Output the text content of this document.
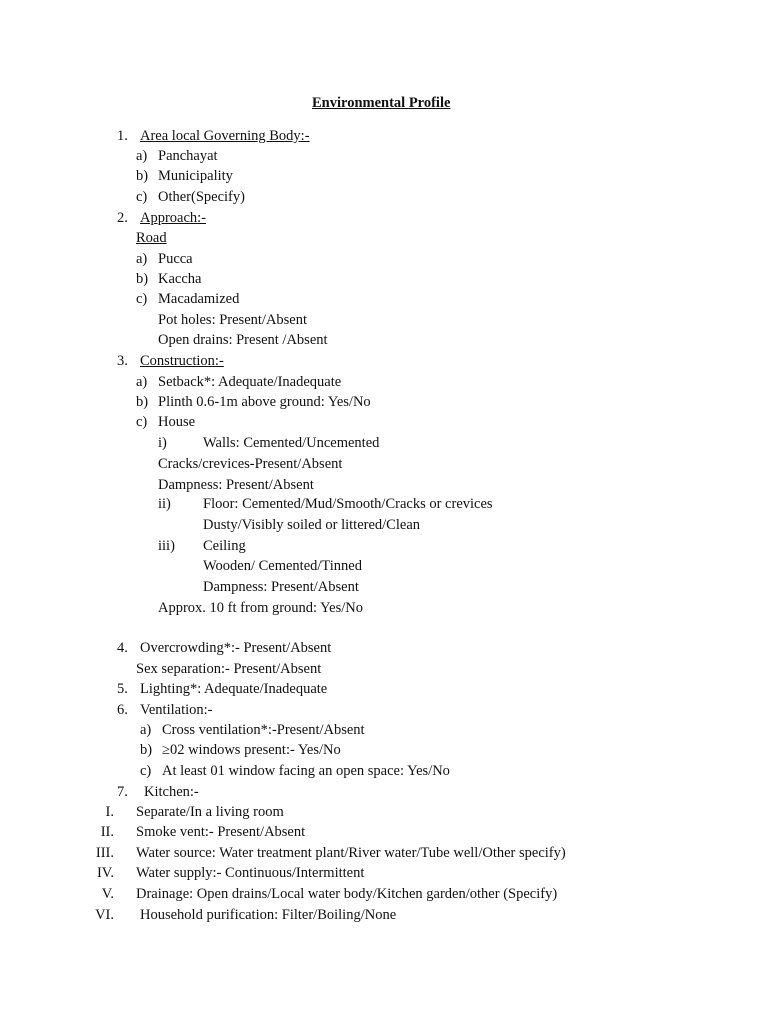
Environmental Profile
1. Area local Governing Body:-
a) Panchayat
b) Municipality
c) Other(Specify)
2. Approach:-
Road
a) Pucca
b) Kaccha
c) Macadamized
Pot holes: Present/Absent
Open drains: Present /Absent
3. Construction:-
a) Setback*: Adequate/Inadequate
b) Plinth 0.6-1m above ground: Yes/No
c) House
i) Walls: Cemented/Uncemented
Cracks/crevices-Present/Absent
Dampness: Present/Absent
ii) Floor: Cemented/Mud/Smooth/Cracks or crevices
Dusty/Visibly soiled or littered/Clean
iii) Ceiling
Wooden/ Cemented/Tinned
Dampness: Present/Absent
Approx. 10 ft from ground: Yes/No
4. Overcrowding*:- Present/Absent
Sex separation:- Present/Absent
5. Lighting*: Adequate/Inadequate
6. Ventilation:-
a) Cross ventilation*:-Present/Absent
b) ≥02 windows present:- Yes/No
c) At least 01 window facing an open space: Yes/No
7. Kitchen:-
I. Separate/In a living room
II. Smoke vent:- Present/Absent
III. Water source: Water treatment plant/River water/Tube well/Other specify)
IV. Water supply:- Continuous/Intermittent
V. Drainage: Open drains/Local water body/Kitchen garden/other (Specify)
VI. Household purification: Filter/Boiling/None
